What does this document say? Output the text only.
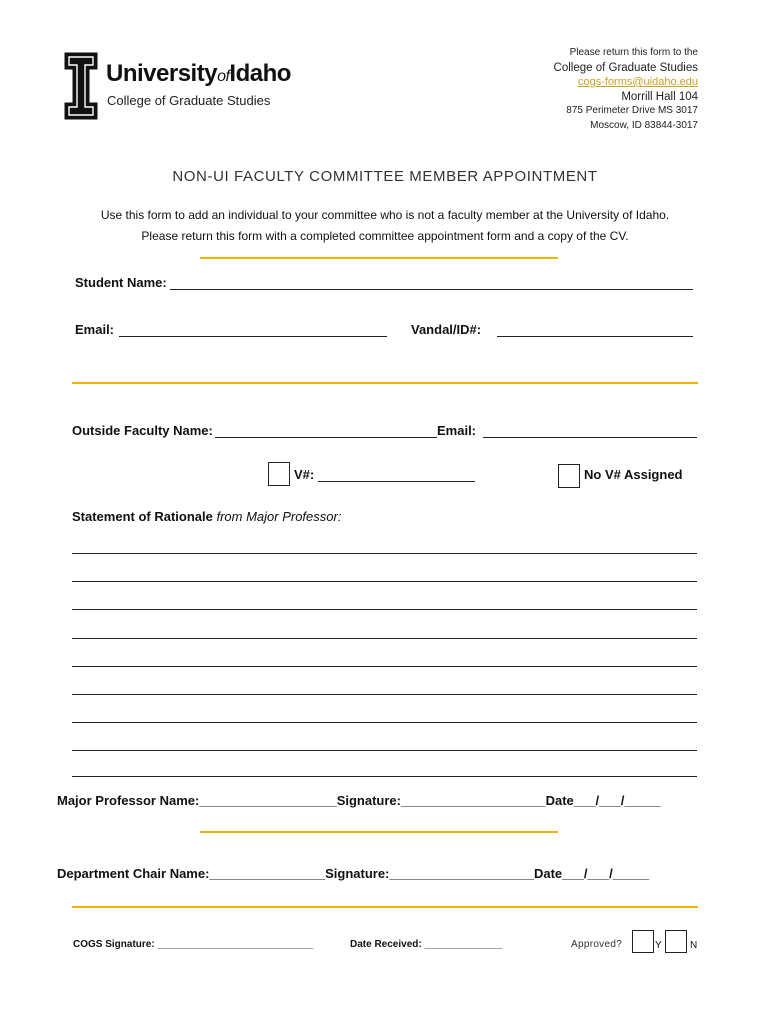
UniversityofIdaho
College of Graduate Studies
Please return this form to the
College of Graduate Studies
cogs-forms@uidaho.edu
Morrill Hall 104
875 Perimeter Drive MS 3017
Moscow, ID 83844-3017
NON-UI FACULTY COMMITTEE MEMBER APPOINTMENT
Use this form to add an individual to your committee who is not a faculty member at the University of Idaho.
Please return this form with a completed committee appointment form and a copy of the CV.
Student Name:
Email:	Vandal/ID#:
Outside Faculty Name:	Email:
V#:	No V# Assigned
Statement of Rationale from Major Professor:
Major Professor Name:___________________Signature:____________________Date___/___/_____
Department Chair Name:________________Signature:____________________Date___/___/_____
COGS Signature: ____________________________	Date Received: ______________	Approved?	Y	N
